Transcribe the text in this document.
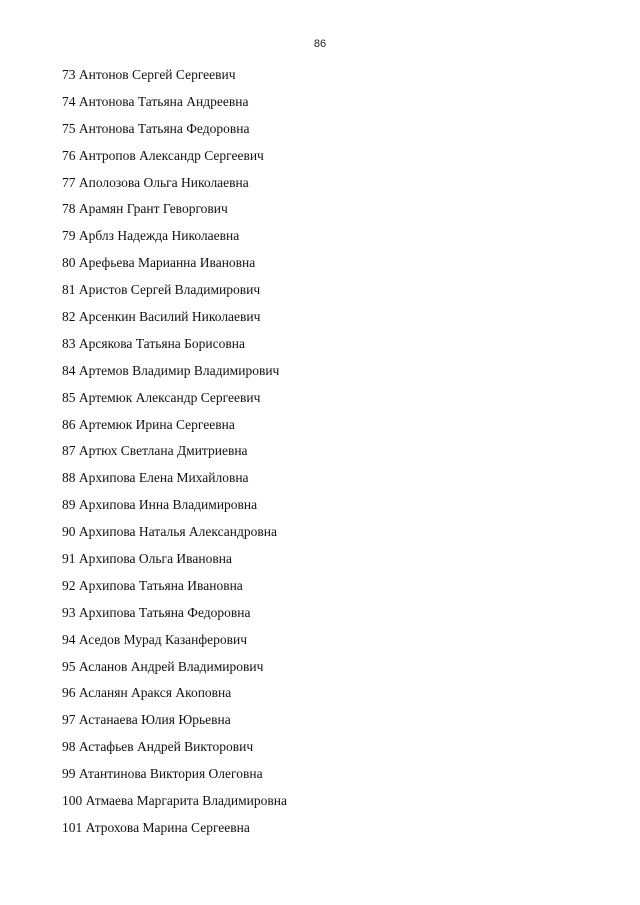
86
73 Антонов Сергей Сергеевич
74 Антонова Татьяна Андреевна
75 Антонова Татьяна Федоровна
76 Антропов Александр Сергеевич
77 Аполозова Ольга Николаевна
78 Арамян Грант Геворгович
79 Арблз Надежда Николаевна
80 Арефьева Марианна Ивановна
81 Аристов Сергей Владимирович
82 Арсенкин Василий Николаевич
83 Арсякова Татьяна Борисовна
84 Артемов Владимир Владимирович
85 Артемюк Александр Сергеевич
86 Артемюк Ирина Сергеевна
87 Артюх Светлана Дмитриевна
88 Архипова Елена Михайловна
89 Архипова Инна Владимировна
90 Архипова Наталья Александровна
91 Архипова Ольга Ивановна
92 Архипова Татьяна Ивановна
93 Архипова Татьяна Федоровна
94 Аседов Мурад Казанферович
95 Асланов Андрей Владимирович
96 Асланян Аракся Акоповна
97 Астанаева Юлия Юрьевна
98 Астафьев Андрей Викторович
99 Атантинова Виктория Олеговна
100 Атмаева Маргарита Владимировна
101 Атрохова Марина Сергеевна
